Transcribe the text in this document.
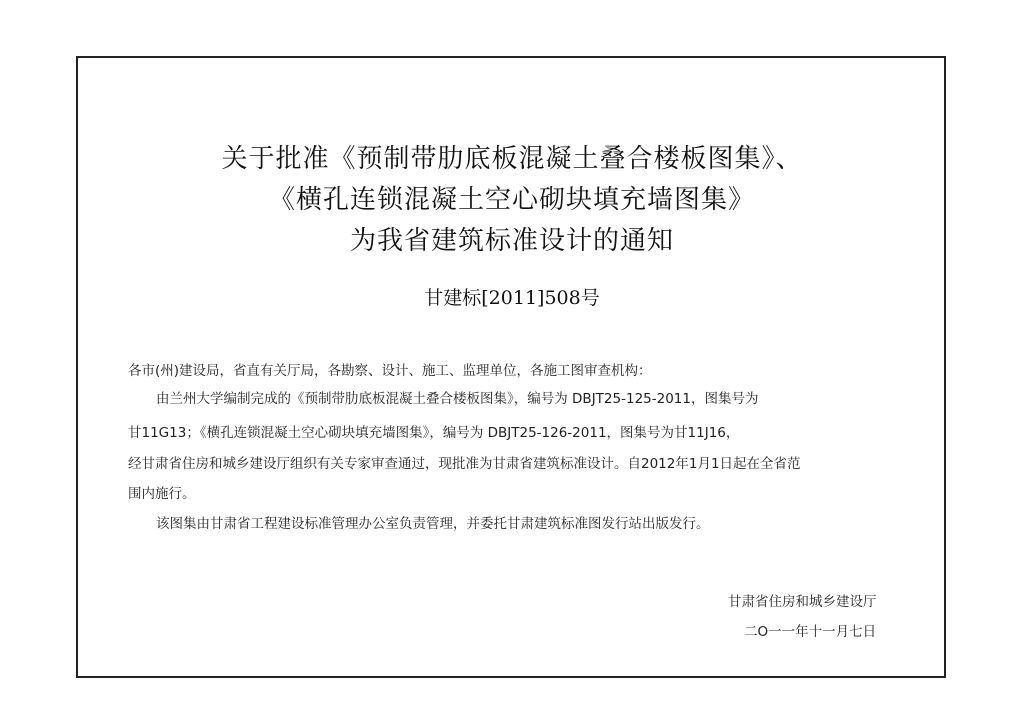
关于批准《预制带肋底板混凝土叠合楼板图集》、
《横孔连锁混凝土空心砌块填充墙图集》
为我省建筑标准设计的通知
甘建标[2011]508号
各市(州)建设局，省直有关厅局，各勘察、设计、施工、监理单位，各施工图审查机构：
由兰州大学编制完成的《预制带肋底板混凝土叠合楼板图集》，编号为 DBJT25-125-2011，图集号为
甘11G13；《横孔连锁混凝土空心砌块填充墙图集》，编号为 DBJT25-126-2011，图集号为甘11J16，
经甘肃省住房和城乡建设厅组织有关专家审查通过，现批准为甘肃省建筑标准设计。自2012年1月1日起在全省范
围内施行。
该图集由甘肃省工程建设标准管理办公室负责管理，并委托甘肃建筑标准图发行站出版发行。
甘肃省住房和城乡建设厅
二O一一年十一月七日
